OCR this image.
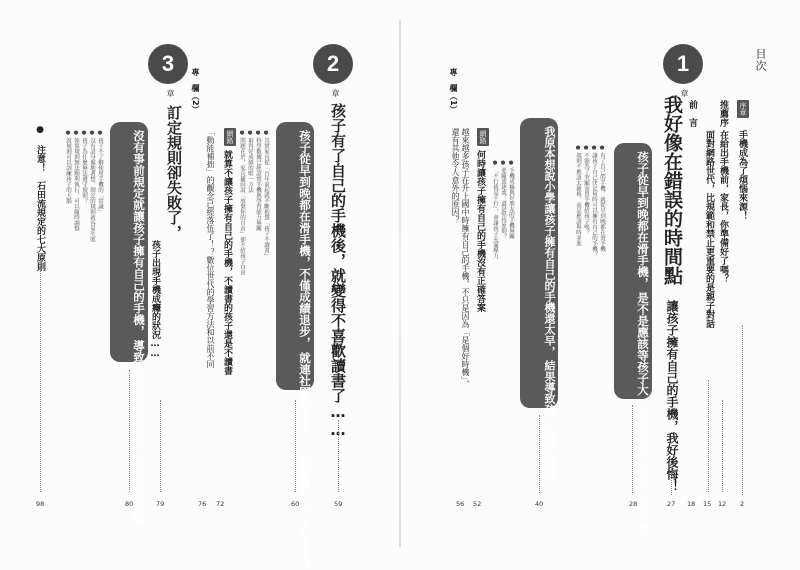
目次
序章
手機成為了煩惱來源！
2
推薦序
在給出手機前，家長，你準備好了嗎？
12
面對網路世代，比規範和禁止更重要的是親子對話
15
前　言
18
我好像在錯誤的時間點
讓孩子擁有自己的手機，我好後悔！
27
1
章
孩子從早到晚都在滑手機，
是不是應該等孩子大一點再讓孩子有自己的手機？
28
● 有了自己的手機，就從早到晚都在滑手機
● 讓孩子自己決定何時可以擁有自己的手機？
● 不能為了突顯而買手機給孩子嗎？
● 規則不應該太嚴格，而是應該與時並進
我原本想說小學讓孩子擁有自己的手機還太早，
結果導致孩子與朋友疏遠……
40
● 手機成癮與好朋友的手機無關
● 要隨波逐流，還是堅持原則？
● 「不行就是不行」，會讓孩子充滿壓力
網路
何時讓孩子擁有自己的手機沒有正確答案
52
越來越多孩子在升上國中時擁有自己的手機，不只是因為「是個好時機」，
還有其他令人意外的原因？
56
專　欄（1）
2
章
孩子有了自己的手機後，就變得不喜歡讀書了……
59
孩子從早到晚都在滑手機，不僅成績退步，
就連社團也退出了，我很擔心孩子的未來！
60
● 其實家長從「百年前起就不斷抱怨「孩子不讀書」
● 科學數據已經證實手機與學習能力無關
● 取得好成績的唯一方法
● 問題在於，家長屢因說「放棄你的自由」卻不給孩子自由
網路
就算不讓孩子擁有自己的手機，不讀書的孩子還是不讀書
72
「動能補拙」的觀念已經落伍了！？數位世代的學習方法和以前不同
76
專　欄（2）
3
章
訂定規則卻失敗了，
孩子出現手機成癮的狀況……
79
沒有事前規定就讓孩子擁有自己的手機，
導致孩子沉迷於手機，甚至日夜顛倒……
80
● 孩子不了解使用手機的「常識」
● 沒有設身處地著想，制定的規則就容易失敗
● 孩子為什麼無法遵守規則？
● 如果規則無法順利執行，可以隨時調整
● 說規則可以訓練孩子的大腦
● 注意！　石田流規定的七大原則
98
